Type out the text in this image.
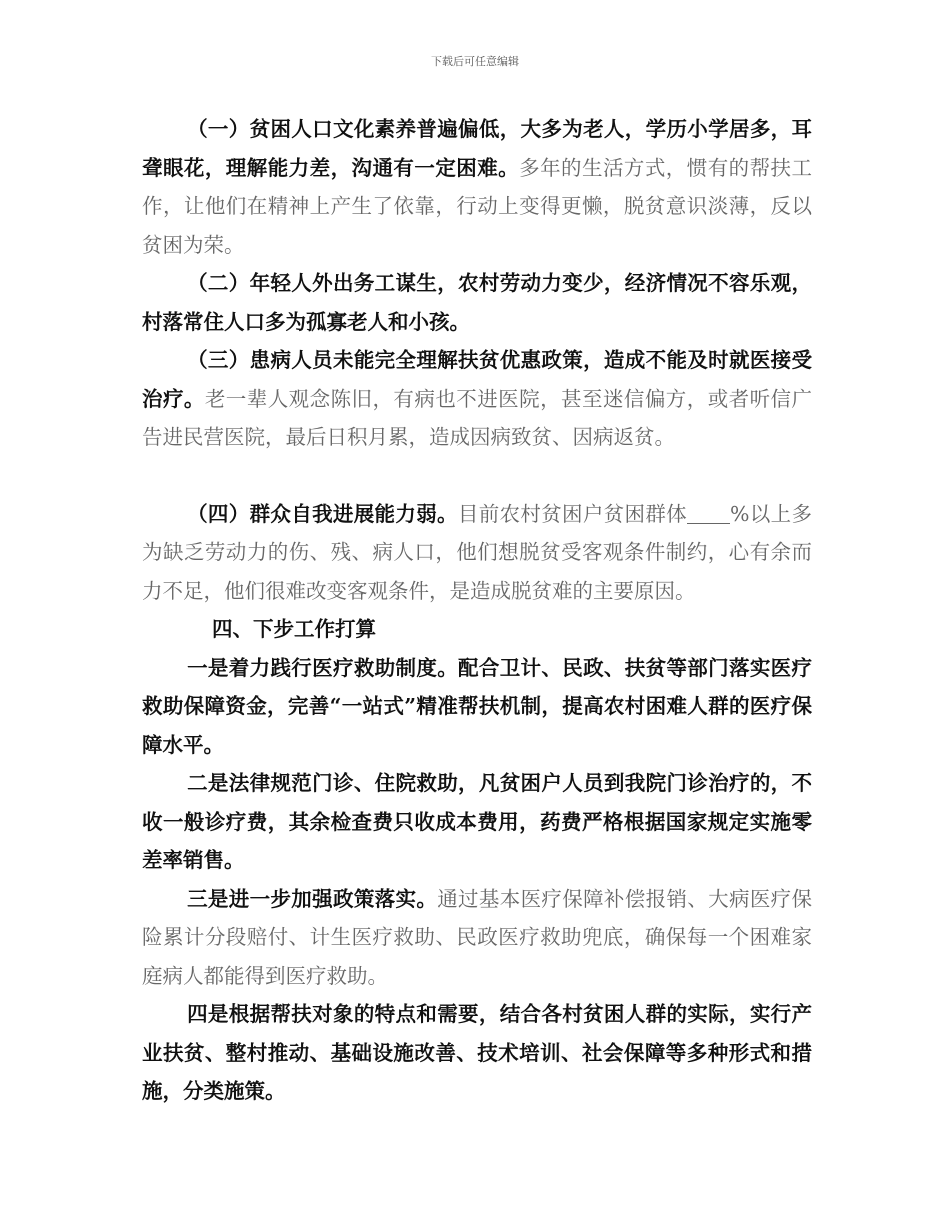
下载后可任意编辑

（一）贫困人口文化素养普遍偏低，大多为老人，学历小学居多，耳聋眼花，理解能力差，沟通有一定困难。多年的生活方式，惯有的帮扶工作，让他们在精神上产生了依靠，行动上变得更懒，脱贫意识淡薄，反以贫困为荣。

（二）年轻人外出务工谋生，农村劳动力变少，经济情况不容乐观，村落常住人口多为孤寡老人和小孩。

（三）患病人员未能完全理解扶贫优惠政策，造成不能及时就医接受治疗。老一辈人观念陈旧，有病也不进医院，甚至迷信偏方，或者听信广告进民营医院，最后日积月累，造成因病致贫、因病返贫。

（四）群众自我进展能力弱。目前农村贫困户贫困群体 %以上多为缺乏劳动力的伤、残、病人口，他们想脱贫受客观条件制约，心有余而力不足，他们很难改变客观条件，是造成脱贫难的主要原因。

四、下步工作打算

一是着力践行医疗救助制度。配合卫计、民政、扶贫等部门落实医疗救助保障资金，完善“一站式”精准帮扶机制，提高农村困难人群的医疗保障水平。

二是法律规范门诊、住院救助，凡贫困户人员到我院门诊治疗的，不收一般诊疗费，其余检查费只收成本费用，药费严格根据国家规定实施零差率销售。

三是进一步加强政策落实。通过基本医疗保障补偿报销、大病医疗保险累计分段赔付、计生医疗救助、民政医疗救助兜底，确保每一个困难家庭病人都能得到医疗救助。

四是根据帮扶对象的特点和需要，结合各村贫困人群的实际，实行产业扶贫、整村推动、基础设施改善、技术培训、社会保障等多种形式和措施，分类施策。
